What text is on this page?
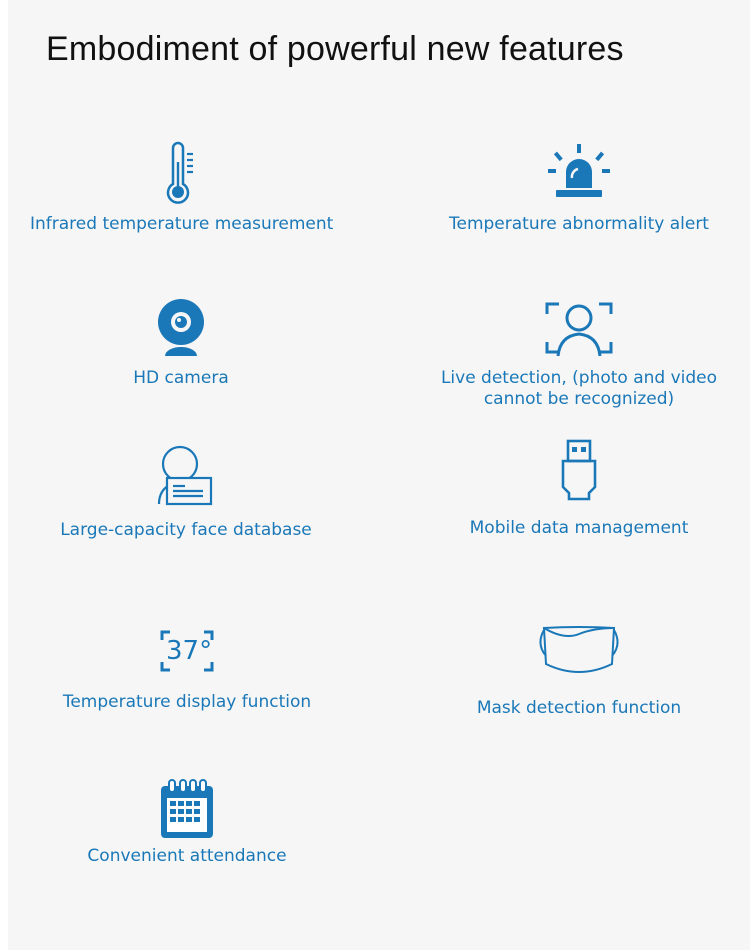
Embodiment of powerful new features
Infrared temperature measurement	Temperature abnormality alert
HD camera	Live detection, (photo and video
cannot be recognized)
Large-capacity face database	Mobile data management
37°
Temperature display function	Mask detection function
Convenient attendance
